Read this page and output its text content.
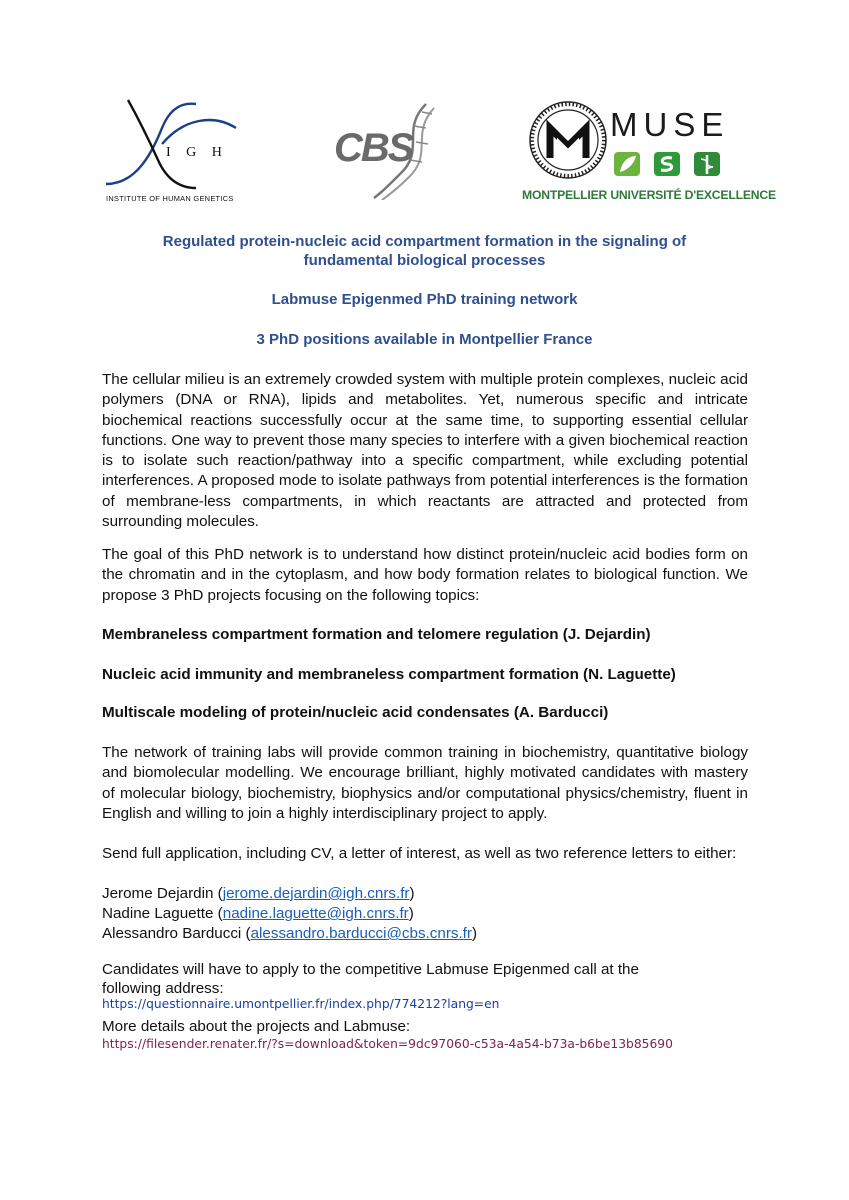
I G H
INSTITUTE OF HUMAN GENETICS
CBS
MUSE
MONTPELLIER UNIVERSITÉ D'EXCELLENCE
Regulated protein-nucleic acid compartment formation in the signaling of
fundamental biological processes
Labmuse Epigenmed PhD training network
3 PhD positions available in Montpellier France
The cellular milieu is an extremely crowded system with multiple protein complexes, nucleic acid polymers (DNA or RNA), lipids and metabolites. Yet, numerous specific and intricate biochemical reactions successfully occur at the same time, to supporting essential cellular functions. One way to prevent those many species to interfere with a given biochemical reaction is to isolate such reaction/pathway into a specific compartment, while excluding potential interferences. A proposed mode to isolate pathways from potential interferences is the formation of membrane-less compartments, in which reactants are attracted and protected from surrounding molecules.
The goal of this PhD network is to understand how distinct protein/nucleic acid bodies form on the chromatin and in the cytoplasm, and how body formation relates to biological function. We propose 3 PhD projects focusing on the following topics:
Membraneless compartment formation and telomere regulation (J. Dejardin)
Nucleic acid immunity and membraneless compartment formation (N. Laguette)
Multiscale modeling of protein/nucleic acid condensates (A. Barducci)
The network of training labs will provide common training in biochemistry, quantitative biology and biomolecular modelling. We encourage brilliant, highly motivated candidates with mastery of molecular biology, biochemistry, biophysics and/or computational physics/chemistry, fluent in English and willing to join a highly interdisciplinary project to apply.
Send full application, including CV, a letter of interest, as well as two reference letters to either:
Jerome Dejardin (jerome.dejardin@igh.cnrs.fr)
Nadine Laguette (nadine.laguette@igh.cnrs.fr)
Alessandro Barducci (alessandro.barducci@cbs.cnrs.fr)
Candidates will have to apply to the competitive Labmuse Epigenmed call at the
following address:
https://questionnaire.umontpellier.fr/index.php/774212?lang=en
More details about the projects and Labmuse:
https://filesender.renater.fr/?s=download&token=9dc97060-c53a-4a54-b73a-b6be13b85690
